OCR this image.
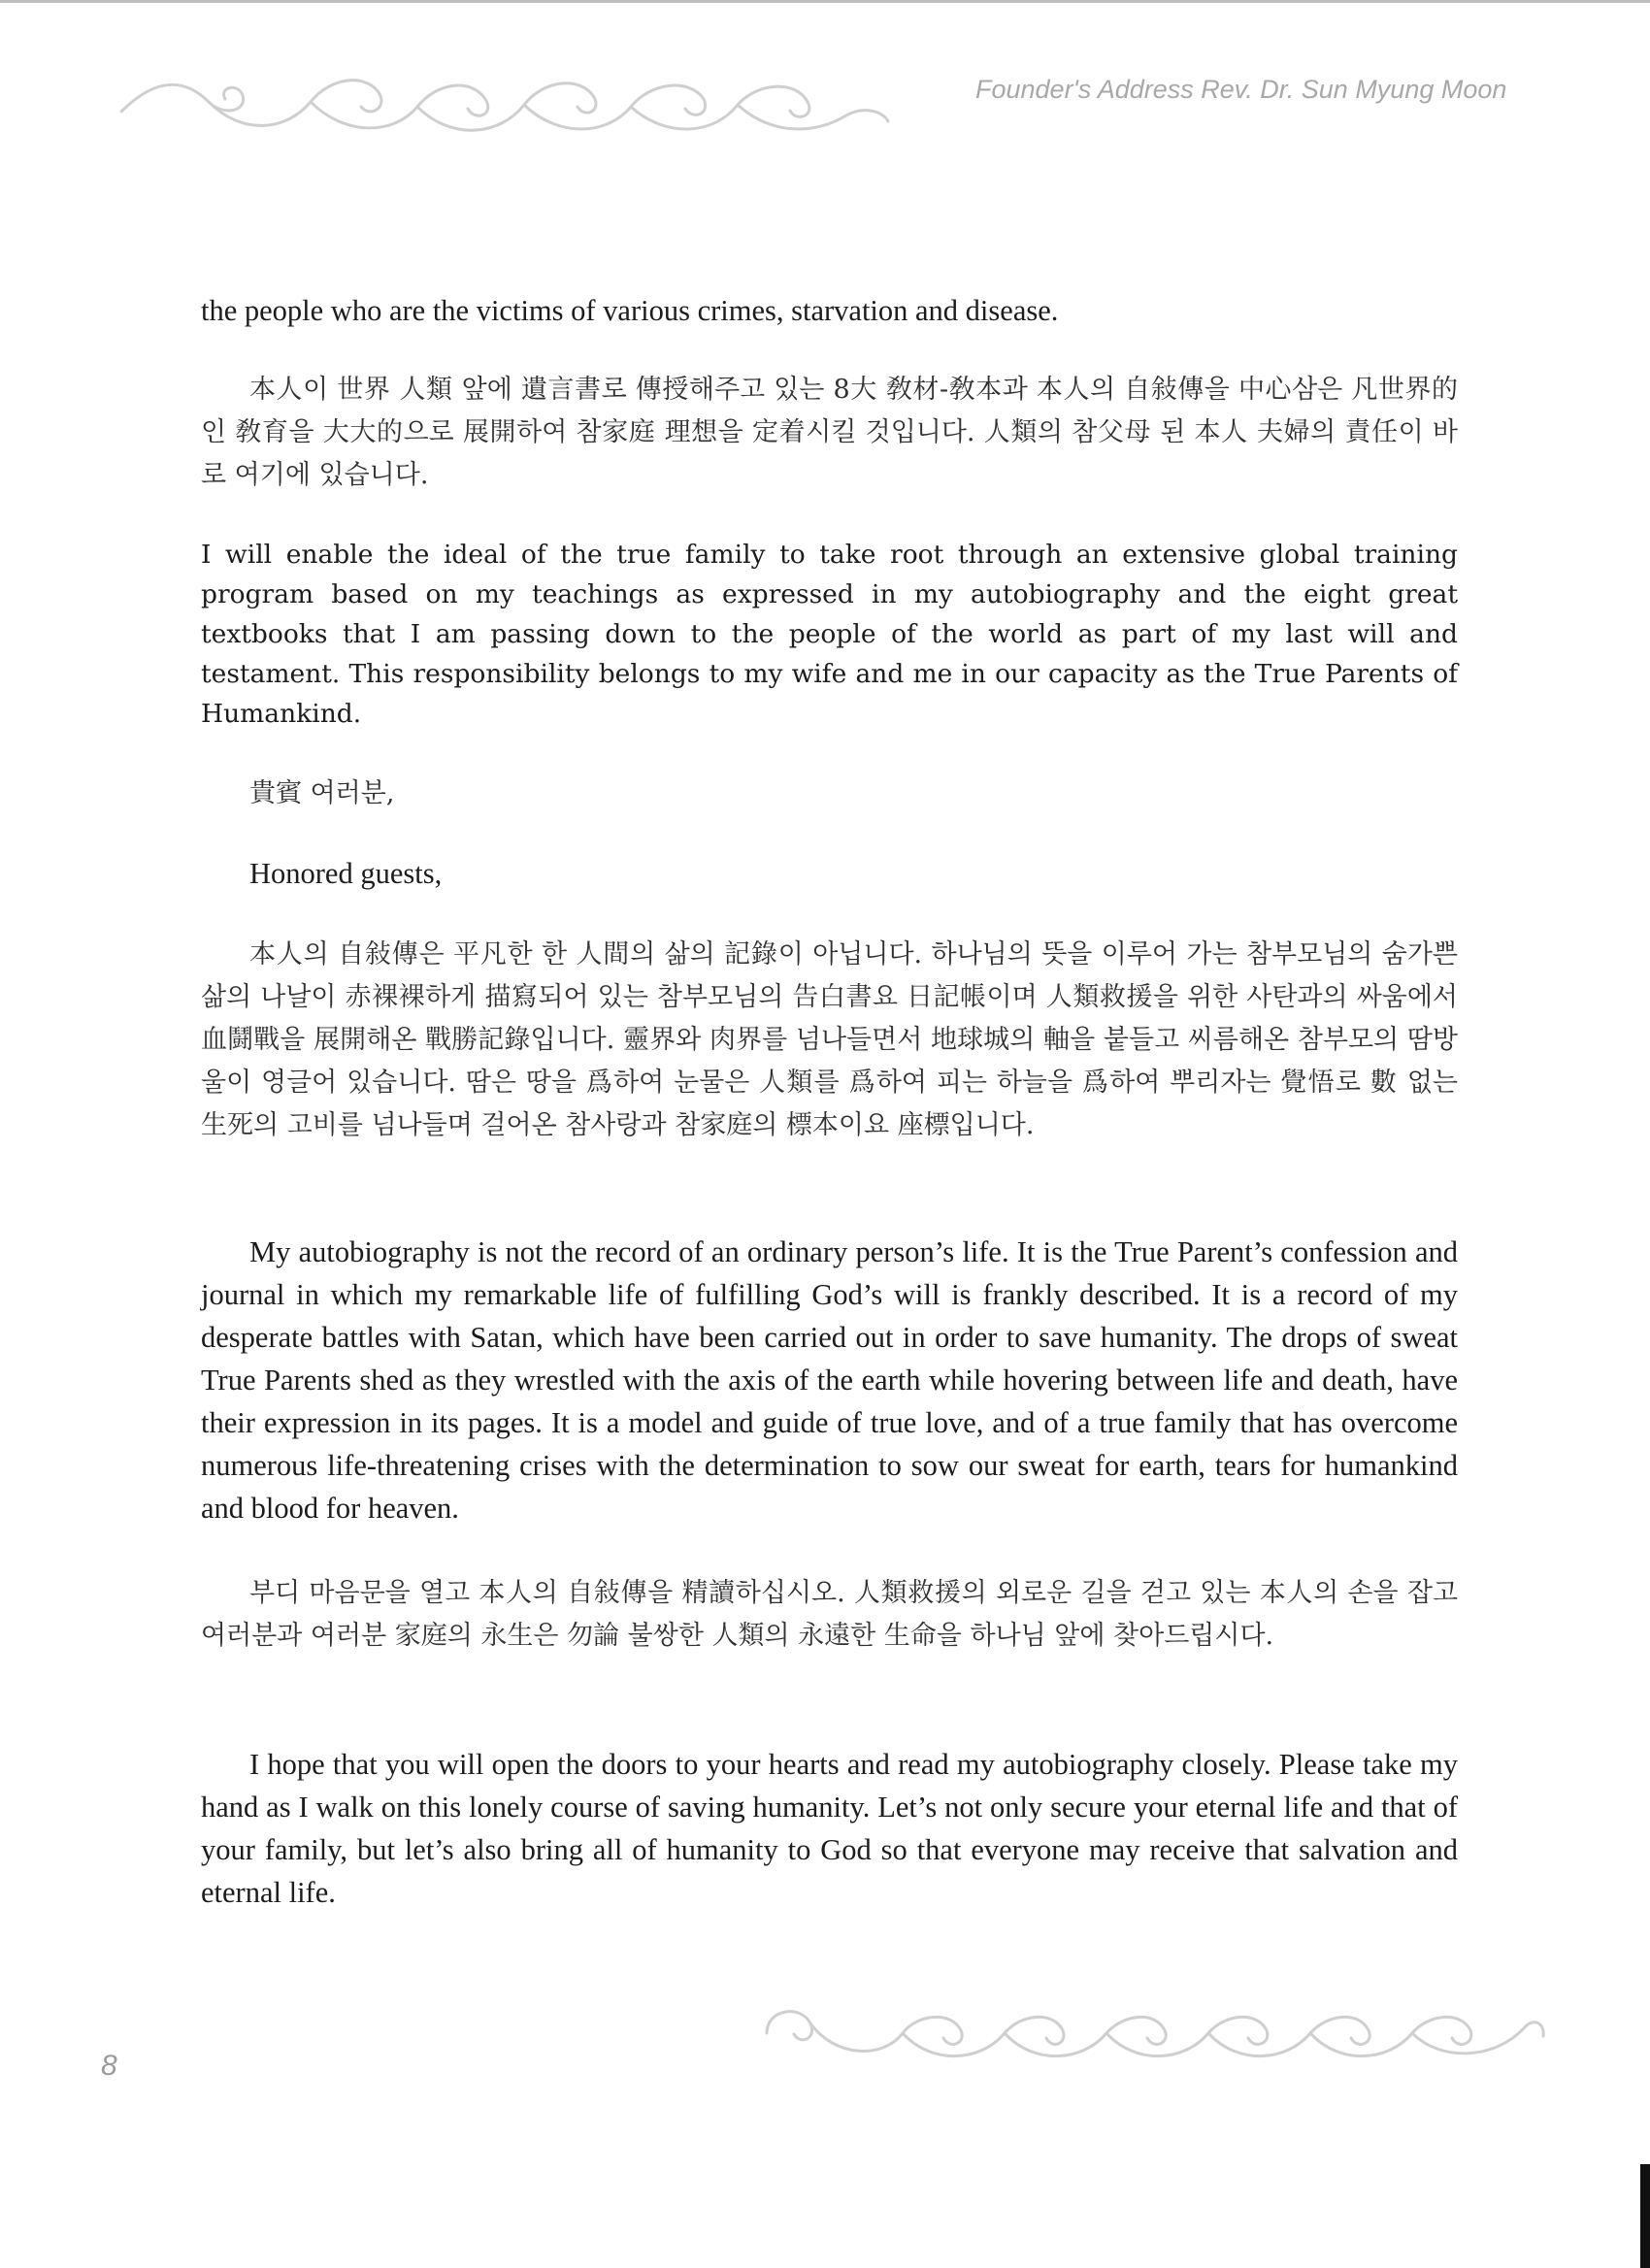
Founder's Address Rev. Dr. Sun Myung Moon

the people who are the victims of various crimes, starvation and disease.

本人이 世界 人類 앞에 遺言書로 傳授해주고 있는 8大 敎材-敎本과 本人의 自敍傳을 中心삼은 凡世界的인 敎育을 大大的으로 展開하여 참家庭 理想을 定着시킬 것입니다. 人類의 참父母 된 本人 夫婦의 責任이 바로 여기에 있습니다.

I will enable the ideal of the true family to take root through an extensive global training program based on my teachings as expressed in my autobiography and the eight great textbooks that I am passing down to the people of the world as part of my last will and testament. This responsibility belongs to my wife and me in our capacity as the True Parents of Humankind.

貴賓 여러분,

Honored guests,

本人의 自敍傳은 平凡한 한 人間의 삶의 記錄이 아닙니다. 하나님의 뜻을 이루어 가는 참부모님의 숨가쁜 삶의 나날이 赤裸裸하게 描寫되어 있는 참부모님의 告白書요 日記帳이며 人類救援을 위한 사탄과의 싸움에서 血鬪戰을 展開해온 戰勝記錄입니다. 靈界와 肉界를 넘나들면서 地球城의 軸을 붙들고 씨름해온 참부모의 땀방울이 영글어 있습니다. 땀은 땅을 爲하여 눈물은 人類를 爲하여 피는 하늘을 爲하여 뿌리자는 覺悟로 數 없는 生死의 고비를 넘나들며 걸어온 참사랑과 참家庭의 標本이요 座標입니다.

My autobiography is not the record of an ordinary person’s life. It is the True Parent’s confession and journal in which my remarkable life of fulfilling God’s will is frankly described. It is a record of my desperate battles with Satan, which have been carried out in order to save humanity. The drops of sweat True Parents shed as they wrestled with the axis of the earth while hovering between life and death, have their expression in its pages. It is a model and guide of true love, and of a true family that has overcome numerous life-threatening crises with the determination to sow our sweat for earth, tears for humankind and blood for heaven.

부디 마음문을 열고 本人의 自敍傳을 精讀하십시오. 人類救援의 외로운 길을 걷고 있는 本人의 손을 잡고 여러분과 여러분 家庭의 永生은 勿論 불쌍한 人類의 永遠한 生命을 하나님 앞에 찾아드립시다.

I hope that you will open the doors to your hearts and read my autobiography closely. Please take my hand as I walk on this lonely course of saving humanity. Let’s not only secure your eternal life and that of your family, but let’s also bring all of humanity to God so that everyone may receive that salvation and eternal life.

8
